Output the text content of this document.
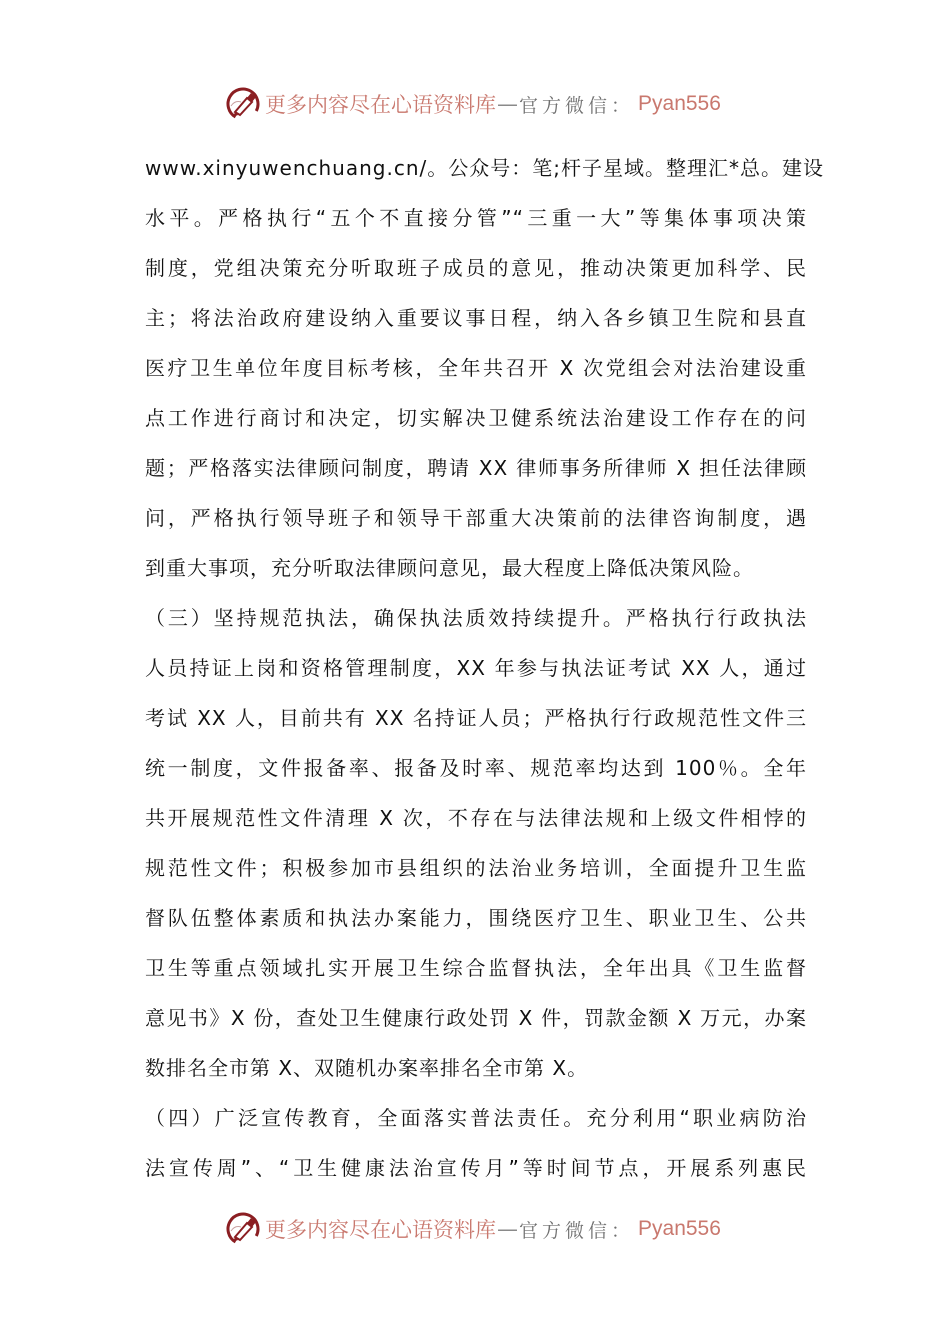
更多内容尽在心语资料库 — 官方微信： Pyan556
www.xinyuwenchuang.cn/。公众号：笔;杆子星域。整理汇*总。建设
水平。严格执行“五个不直接分管”“三重一大”等集体事项决策
制度，党组决策充分听取班子成员的意见，推动决策更加科学、民
主；将法治政府建设纳入重要议事日程，纳入各乡镇卫生院和县直
医疗卫生单位年度目标考核，全年共召开 X 次党组会对法治建设重
点工作进行商讨和决定，切实解决卫健系统法治建设工作存在的问
题；严格落实法律顾问制度，聘请 XX 律师事务所律师 X 担任法律顾
问，严格执行领导班子和领导干部重大决策前的法律咨询制度，遇
到重大事项，充分听取法律顾问意见，最大程度上降低决策风险。
（三）坚持规范执法，确保执法质效持续提升。严格执行行政执法
人员持证上岗和资格管理制度，XX 年参与执法证考试 XX 人，通过
考试 XX 人，目前共有 XX 名持证人员；严格执行行政规范性文件三
统一制度，文件报备率、报备及时率、规范率均达到 100％。全年
共开展规范性文件清理 X 次，不存在与法律法规和上级文件相悖的
规范性文件；积极参加市县组织的法治业务培训，全面提升卫生监
督队伍整体素质和执法办案能力，围绕医疗卫生、职业卫生、公共
卫生等重点领域扎实开展卫生综合监督执法，全年出具《卫生监督
意见书》X 份，查处卫生健康行政处罚 X 件，罚款金额 X 万元，办案
数排名全市第 X、双随机办案率排名全市第 X。
（四）广泛宣传教育，全面落实普法责任。充分利用“职业病防治
法宣传周”、“卫生健康法治宣传月”等时间节点，开展系列惠民
更多内容尽在心语资料库 — 官方微信： Pyan556
